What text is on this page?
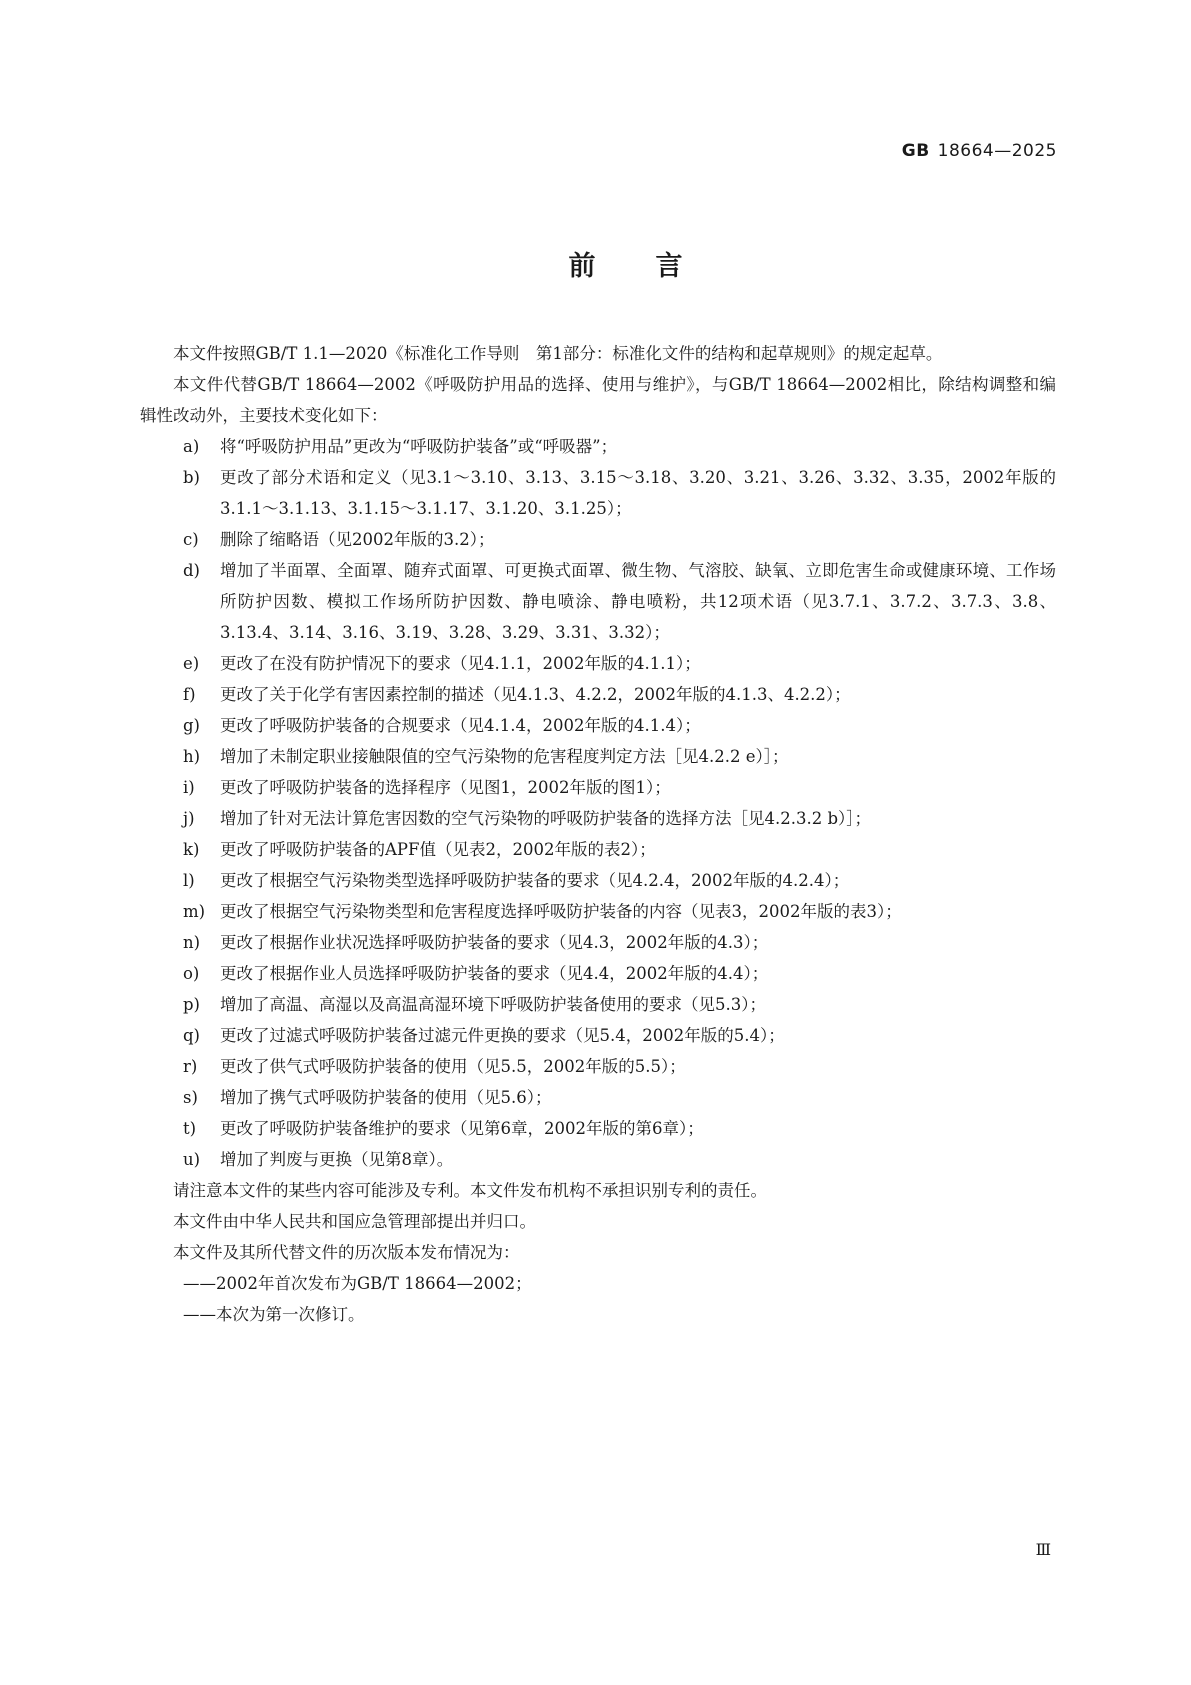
GB 18664—2025
前言

本文件按照GB/T 1.1—2020《标准化工作导则　第1部分：标准化文件的结构和起草规则》的规定起草。

本文件代替GB/T 18664—2002《呼吸防护用品的选择、使用与维护》，与GB/T 18664—2002相比，除结构调整和编辑性改动外，主要技术变化如下：

a)	将“呼吸防护用品”更改为“呼吸防护装备”或“呼吸器”；
b)	更改了部分术语和定义（见3.1～3.10、3.13、3.15～3.18、3.20、3.21、3.26、3.32、3.35，2002年版的3.1.1～3.1.13、3.1.15～3.1.17、3.1.20、3.1.25）；
c)	删除了缩略语（见2002年版的3.2）；
d)	增加了半面罩、全面罩、随弃式面罩、可更换式面罩、微生物、气溶胶、缺氧、立即危害生命或健康环境、工作场所防护因数、模拟工作场所防护因数、静电喷涂、静电喷粉，共12项术语（见3.7.1、3.7.2、3.7.3、3.8、3.13.4、3.14、3.16、3.19、3.28、3.29、3.31、3.32）；
e)	更改了在没有防护情况下的要求（见4.1.1，2002年版的4.1.1）；
f)	更改了关于化学有害因素控制的描述（见4.1.3、4.2.2，2002年版的4.1.3、4.2.2）；
g)	更改了呼吸防护装备的合规要求（见4.1.4，2002年版的4.1.4）；
h)	增加了未制定职业接触限值的空气污染物的危害程度判定方法［见4.2.2 e）］；
i)	更改了呼吸防护装备的选择程序（见图1，2002年版的图1）；
j)	增加了针对无法计算危害因数的空气污染物的呼吸防护装备的选择方法［见4.2.3.2 b）］；
k)	更改了呼吸防护装备的APF值（见表2，2002年版的表2）；
l)	更改了根据空气污染物类型选择呼吸防护装备的要求（见4.2.4，2002年版的4.2.4）；
m) 更改了根据空气污染物类型和危害程度选择呼吸防护装备的内容（见表3，2002年版的表3）；
n)	更改了根据作业状况选择呼吸防护装备的要求（见4.3，2002年版的4.3）；
o)	更改了根据作业人员选择呼吸防护装备的要求（见4.4，2002年版的4.4）；
p)	增加了高温、高湿以及高温高湿环境下呼吸防护装备使用的要求（见5.3）；
q)	更改了过滤式呼吸防护装备过滤元件更换的要求（见5.4，2002年版的5.4）；
r)	更改了供气式呼吸防护装备的使用（见5.5，2002年版的5.5）；
s)	增加了携气式呼吸防护装备的使用（见5.6）；
t)	更改了呼吸防护装备维护的要求（见第6章，2002年版的第6章）；
u)	增加了判废与更换（见第8章）。

请注意本文件的某些内容可能涉及专利。本文件发布机构不承担识别专利的责任。

本文件由中华人民共和国应急管理部提出并归口。

本文件及其所代替文件的历次版本发布情况为：

——2002年首次发布为GB/T 18664—2002；

——本次为第一次修订。

Ⅲ
